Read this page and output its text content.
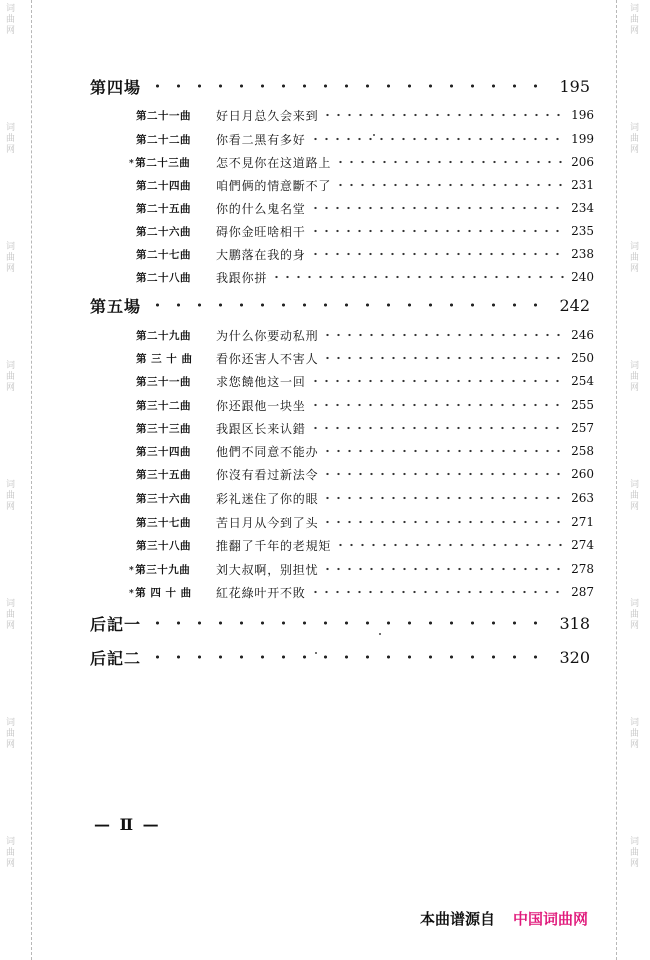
词
曲
网
词
曲
网
词
曲
网
词
曲
网
词
曲
网
词
曲
网
词
曲
网
词
曲
网
词
曲
网
词
曲
网
词
曲
网
词
曲
网
词
曲
网
词
曲
网
词
曲
网
词
曲
网
第四場	195
第二十一曲	好日月总久会来到	196
第二十二曲	你看二黑有多好	199
*第二十三曲	怎不見你在这道路上	206
第二十四曲	咱們俩的情意斷不了	231
第二十五曲	你的什么鬼名堂	234
第二十六曲	碍你金旺啥相干	235
第二十七曲	大鹏落在我的身	238
第二十八曲	我跟你拼	240
第五場	242
第二十九曲	为什么你要动私刑	246
第 三 十 曲	看你还害人不害人	250
第三十一曲	求您饒他这一回	254
第三十二曲	你还跟他一块坐	255
第三十三曲	我跟区长来认錯	257
第三十四曲	他們不同意不能办	258
第三十五曲	你沒有看过新法令	260
第三十六曲	彩礼迷住了你的眼	263
第三十七曲	苦日月从今到了头	271
第三十八曲	推翻了千年的老規矩	274
*第三十九曲	刘大叔啊，别担忧	278
*第 四 十 曲	紅花綠叶开不敗	287
后記一	318
后記二	320
— Ⅱ —
本曲谱源自 中国词曲网
